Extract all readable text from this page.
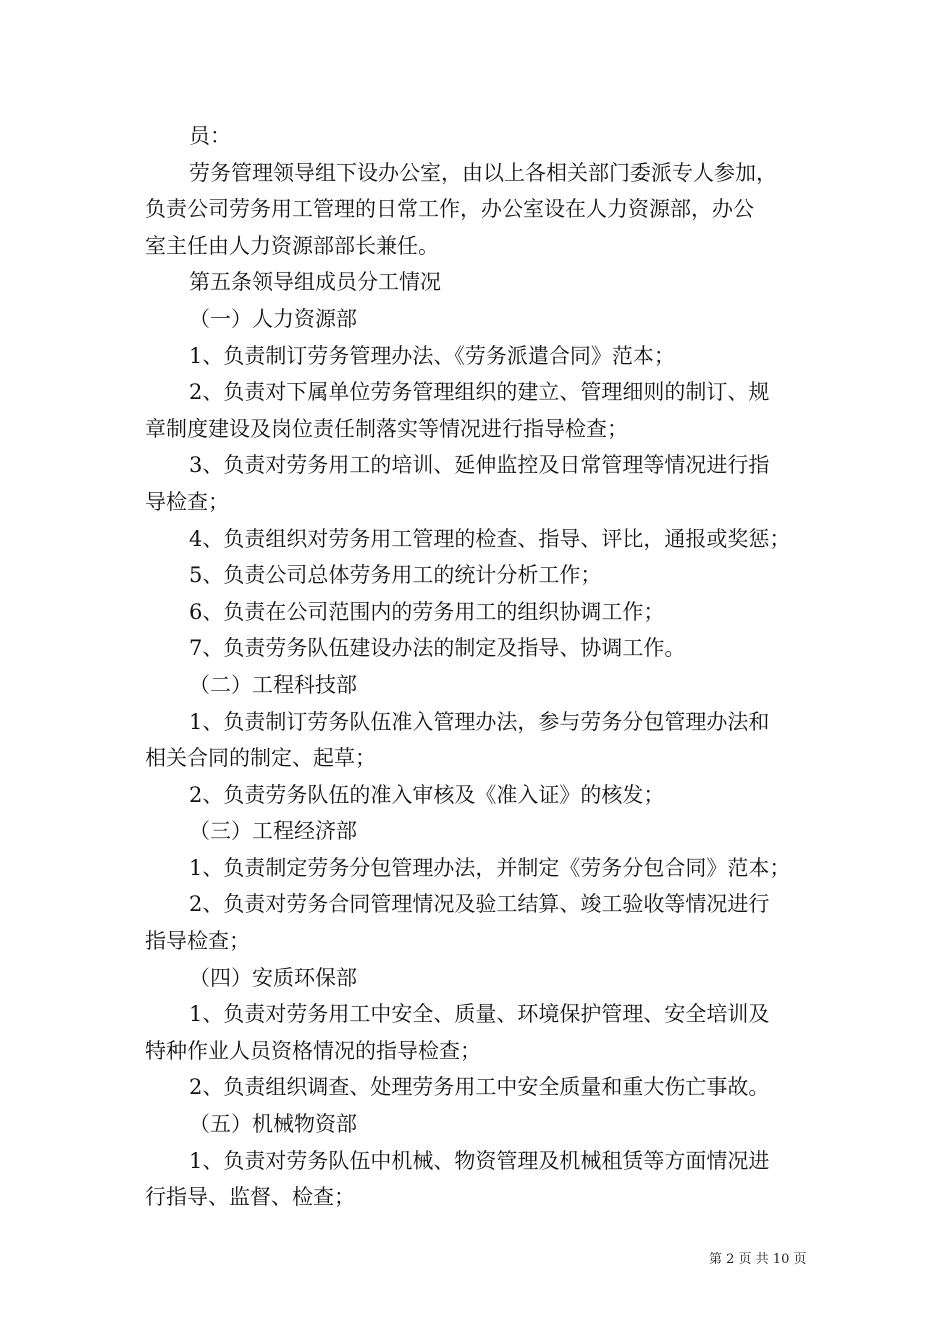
员：
劳务管理领导组下设办公室，由以上各相关部门委派专人参加，
负责公司劳务用工管理的日常工作，办公室设在人力资源部，办公
室主任由人力资源部部长兼任。
第五条领导组成员分工情况
（一）人力资源部
1、负责制订劳务管理办法、《劳务派遣合同》范本；
2、负责对下属单位劳务管理组织的建立、管理细则的制订、规
章制度建设及岗位责任制落实等情况进行指导检查；
3、负责对劳务用工的培训、延伸监控及日常管理等情况进行指
导检查；
4、负责组织对劳务用工管理的检查、指导、评比，通报或奖惩；
5、负责公司总体劳务用工的统计分析工作；
6、负责在公司范围内的劳务用工的组织协调工作；
7、负责劳务队伍建设办法的制定及指导、协调工作。
（二）工程科技部
1、负责制订劳务队伍准入管理办法，参与劳务分包管理办法和
相关合同的制定、起草；
2、负责劳务队伍的准入审核及《准入证》的核发；
（三）工程经济部
1、负责制定劳务分包管理办法，并制定《劳务分包合同》范本；
2、负责对劳务合同管理情况及验工结算、竣工验收等情况进行
指导检查；
（四）安质环保部
1、负责对劳务用工中安全、质量、环境保护管理、安全培训及
特种作业人员资格情况的指导检查；
2、负责组织调查、处理劳务用工中安全质量和重大伤亡事故。
（五）机械物资部
1、负责对劳务队伍中机械、物资管理及机械租赁等方面情况进
行指导、监督、检查；
第 2 页 共 10 页
